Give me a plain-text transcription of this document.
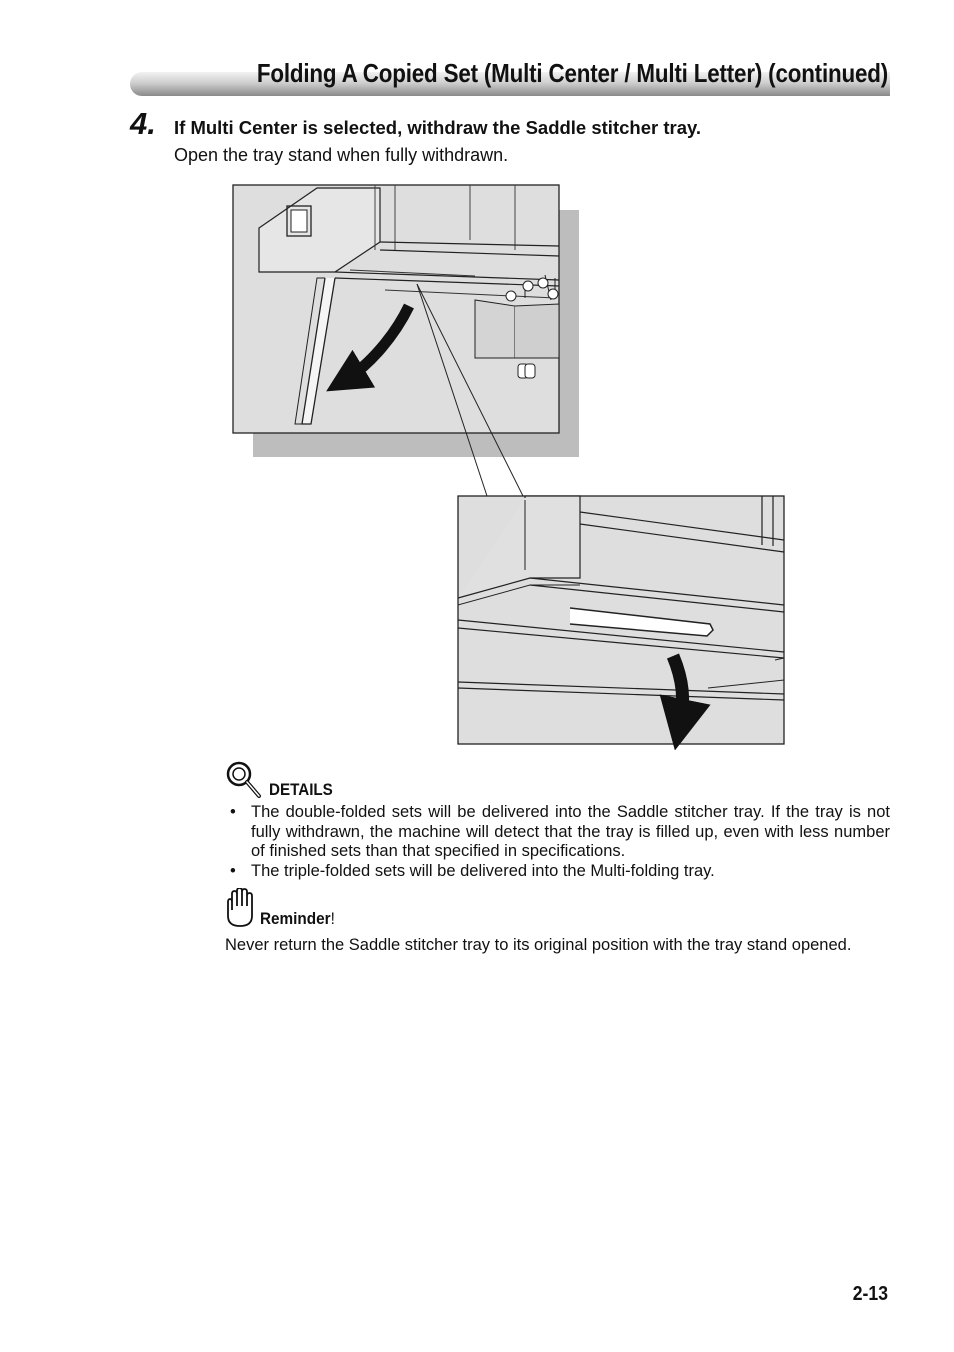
Folding A Copied Set (Multi Center / Multi Letter) (continued)
4. If Multi Center is selected, withdraw the Saddle stitcher tray.
Open the tray stand when fully withdrawn.
DETAILS
• The double-folded sets will be delivered into the Saddle stitcher tray. If the tray is not fully withdrawn, the machine will detect that the tray is filled up, even with less number of finished sets than that specified in specifications.
• The triple-folded sets will be delivered into the Multi-folding tray.
Reminder!
Never return the Saddle stitcher tray to its original position with the tray stand opened.
2-13
